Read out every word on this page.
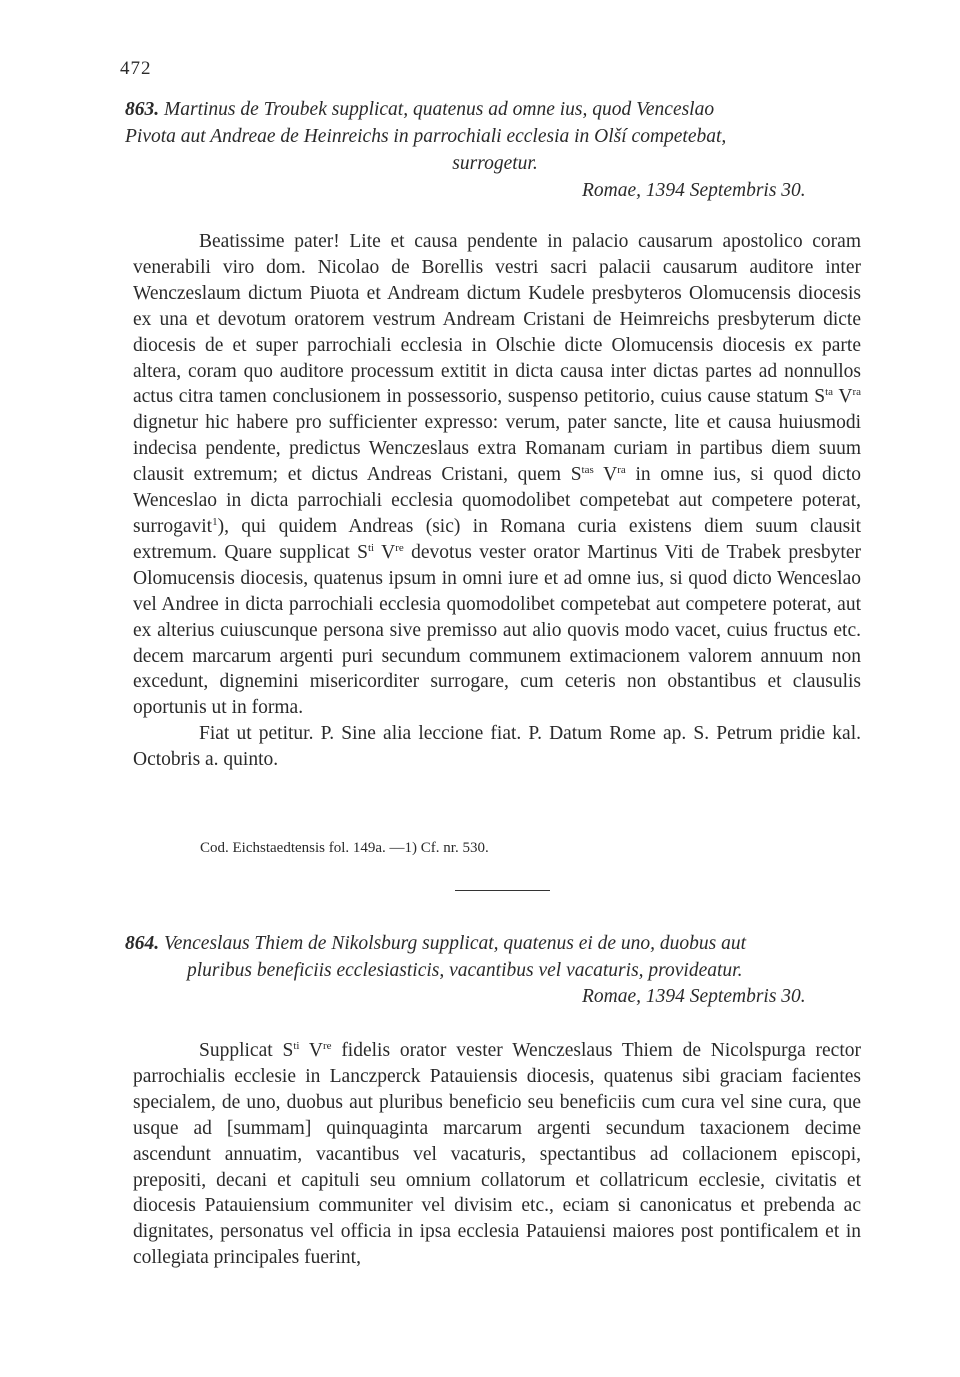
472
863. Martinus de Troubek supplicat, quatenus ad omne ius, quod Venceslao
Pivota aut Andreae de Heinreichs in parrochiali ecclesia in Olší competebat,

surrogetur.
Romae, 1394 Septembris 30.

Beatissime pater! Lite et causa pendente in palacio causarum apostolico coram venerabili viro dom. Nicolao de Borellis vestri sacri palacii causarum auditore inter Wenczeslaum dictum Piuota et Andream dictum Kudele presbyteros Olomucensis diocesis ex una et devotum oratorem vestrum Andream Cristani de Heimreichs presbyterum dicte diocesis de et super parrochiali ecclesia in Olschie dicte Olomucensis diocesis ex parte altera, coram quo auditore processum extitit in dicta causa inter dictas partes ad nonnullos actus citra tamen conclusionem in possessorio, suspenso petitorio, cuius cause statum $S^{ta}$ $V^{ra}$ dignetur hic habere pro sufficienter expresso: verum, pater sancte, lite et causa huiusmodi indecisa pendente, predictus Wenczeslaus extra Romanam curiam in partibus diem suum clausit extremum; et dictus Andreas Cristani, quem $S^{tas}$ $V^{ra}$ in omne ius, si quod dicto Wenceslao in dicta parrochiali ecclesia quomodolibet competebat aut competere poterat, surrogavit$^1$), qui quidem Andreas (sic) in Romana curia existens diem suum clausit extremum. Quare supplicat $S^{ti}$ Vre devotus vester orator Martinus Viti de Trabek presbyter Olomucensis diocesis, quatenus ipsum in omni iure et ad omne ius, si quod dicto Wenceslao vel Andree in dicta parrochiali ecclesia quomodolibet competebat aut competere poterat, aut ex alterius cuiuscunque persona sive premisso aut alio quovis modo vacet, cuius fructus etc. decem marcarum argenti puri secundum communem extimacionem valorem annuum non excedunt, dignemini misericorditer surrogare, cum ceteris non obstantibus et clausulis oportunis ut in forma.

Fiat ut petitur. P. Sine alia leccione fiat. P. Datum Rome ap. S. Petrum pridie kal. Octobris a. quinto.

Cod. Eichstaedtensis fol. 149a. —1) Cf. nr. 530.
864. Venceslaus Thiem de Nikolsburg supplicat, quatenus ei de uno, duobus aut
pluribus beneficiis ecclesiasticis, vacantibus vel vacaturis, provideatur.
Romae, 1394 Septembris 30.

Supplicat $S^{ti}$ Vre fidelis orator vester Wenczeslaus Thiem de Nicolspurga rector parrochialis ecclesie in Lanczperck Patauiensis diocesis, quatenus sibi graciam facientes specialem, de uno, duobus aut pluribus beneficio seu beneficiis cum cura vel sine cura, que usque ad [summam] quinquaginta marcarum argenti secundum taxacionem decime ascendunt annuatim, vacantibus vel vacaturis, spectantibus ad collacionem episcopi, prepositi, decani et capituli seu omnium collatorum et collatricum ecclesie, civitatis et diocesis Patauiensium communiter vel divisim etc., eciam si canonicatus et prebenda ac dignitates, personatus vel officia in ipsa ecclesia Patauiensi maiores post pontificalem et in collegiata principales fuerint,
